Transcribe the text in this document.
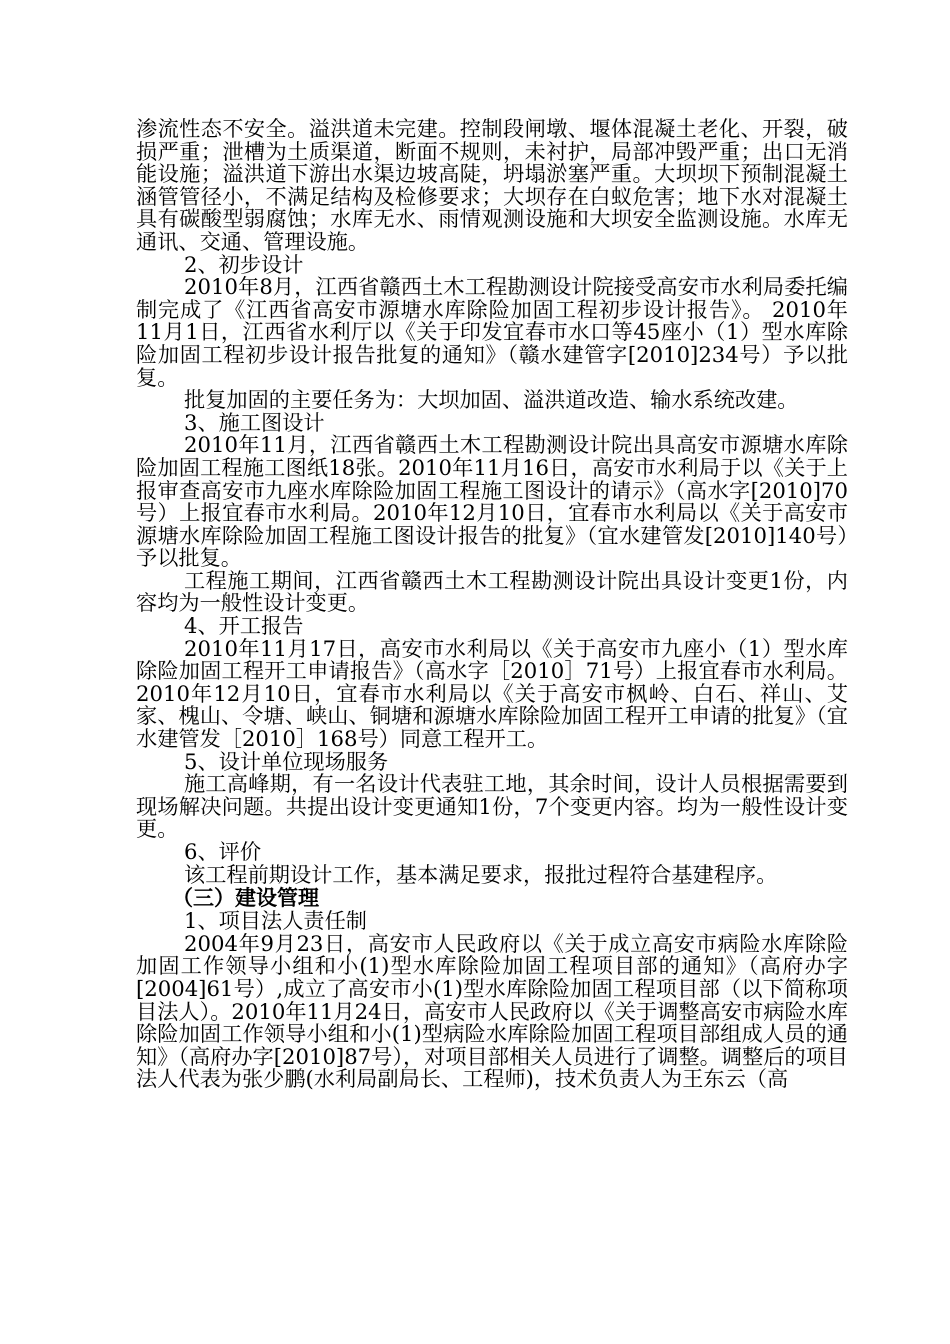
渗流性态不安全。溢洪道未完建。控制段闸墩、堰体混凝土老化、开裂，破损严重；泄槽为土质渠道，断面不规则，未衬护，局部冲毁严重；出口无消能设施；溢洪道下游出水渠边坡高陡，坍塌淤塞严重。大坝坝下预制混凝土涵管管径小，不满足结构及检修要求；大坝存在白蚁危害；地下水对混凝土具有碳酸型弱腐蚀；水库无水、雨情观测设施和大坝安全监测设施。水库无通讯、交通、管理设施。

2、初步设计

2010年8月，江西省赣西土木工程勘测设计院接受高安市水利局委托编制完成了《江西省高安市源塘水库除险加固工程初步设计报告》。 2010年11月1日，江西省水利厅以《关于印发宜春市水口等45座小（1）型水库除险加固工程初步设计报告批复的通知》（赣水建管字[2010]234号）予以批复。

批复加固的主要任务为：大坝加固、溢洪道改造、输水系统改建。

3、施工图设计

2010年11月，江西省赣西土木工程勘测设计院出具高安市源塘水库除险加固工程施工图纸18张。2010年11月16日，高安市水利局于以《关于上报审查高安市九座水库除险加固工程施工图设计的请示》（高水字[2010]70号）上报宜春市水利局。2010年12月10日，宜春市水利局以《关于高安市源塘水库除险加固工程施工图设计报告的批复》（宜水建管发[2010]140号）予以批复。

工程施工期间，江西省赣西土木工程勘测设计院出具设计变更1份，内容均为一般性设计变更。

4、开工报告

2010年11月17日，高安市水利局以《关于高安市九座小（1）型水库除险加固工程开工申请报告》（高水字［2010］71号）上报宜春市水利局。2010年12月10日，宜春市水利局以《关于高安市枫岭、白石、祥山、艾家、槐山、令塘、峡山、铜塘和源塘水库除险加固工程开工申请的批复》（宜水建管发［2010］168号）同意工程开工。

5、设计单位现场服务

施工高峰期，有一名设计代表驻工地，其余时间，设计人员根据需要到现场解决问题。共提出设计变更通知1份，7个变更内容。均为一般性设计变更。

6、评价

该工程前期设计工作，基本满足要求，报批过程符合基建程序。

（三）建设管理

1、项目法人责任制

2004年9月23日，高安市人民政府以《关于成立高安市病险水库除险加固工作领导小组和小(1)型水库除险加固工程项目部的通知》（高府办字[2004]61号）,成立了高安市小(1)型水库除险加固工程项目部（以下简称项目法人）。2010年11月24日，高安市人民政府以《关于调整高安市病险水库除险加固工作领导小组和小(1)型病险水库除险加固工程项目部组成人员的通知》（高府办字[2010]87号），对项目部相关人员进行了调整。调整后的项目法人代表为张少鹏(水利局副局长、工程师)，技术负责人为王东云（高
